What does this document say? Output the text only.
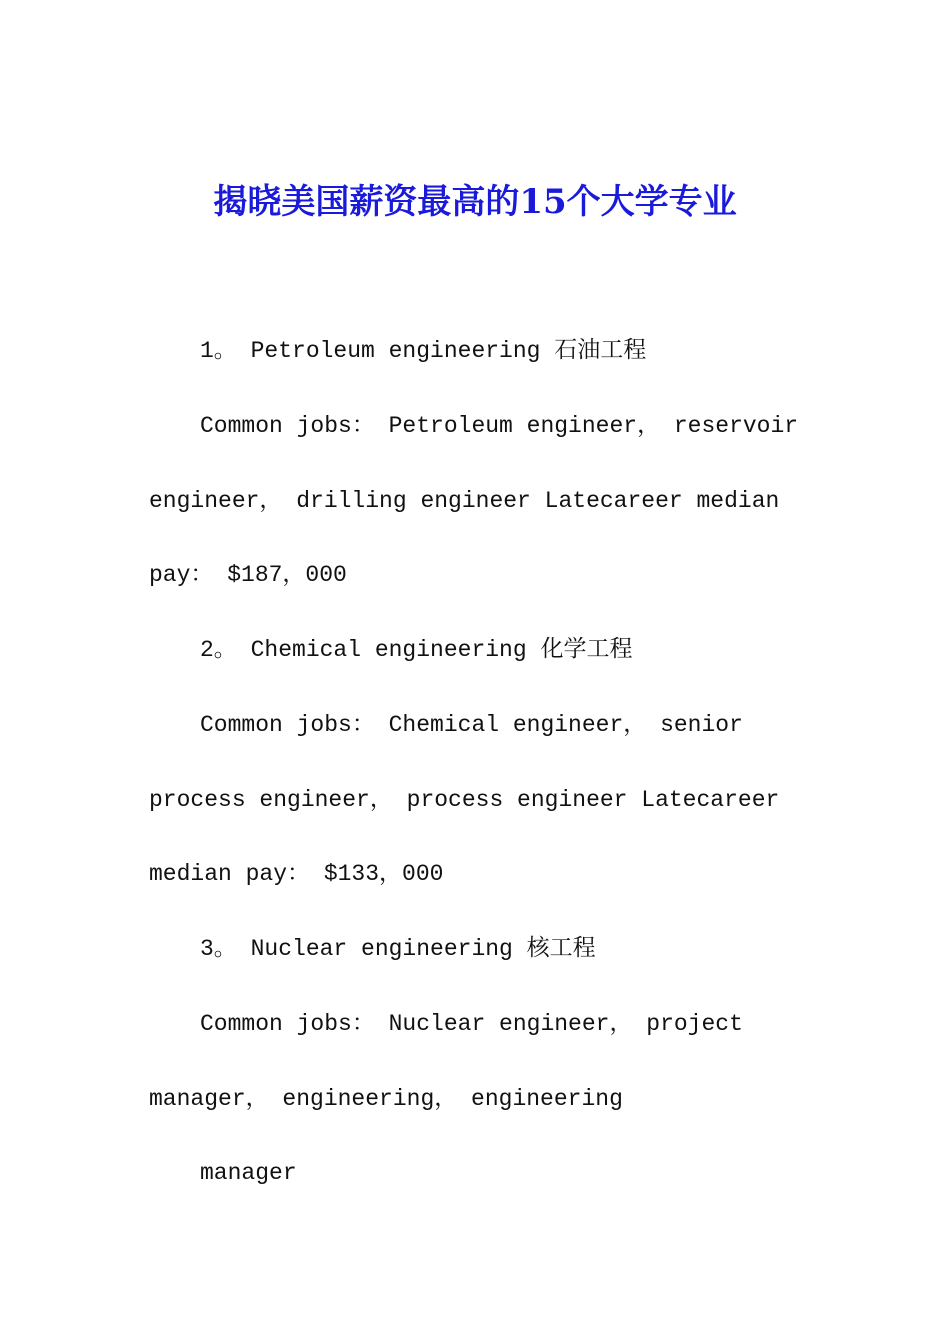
揭晓美国薪资最高的15个大学专业
1。 Petroleum engineering 石油工程
Common jobs： Petroleum engineer， reservoir
engineer， drilling engineer Latecareer median
pay： $187，000
2。 Chemical engineering 化学工程
Common jobs： Chemical engineer， senior
process engineer， process engineer Latecareer
median pay： $133，000
3。 Nuclear engineering 核工程
Common jobs： Nuclear engineer， project
manager， engineering， engineering
manager
